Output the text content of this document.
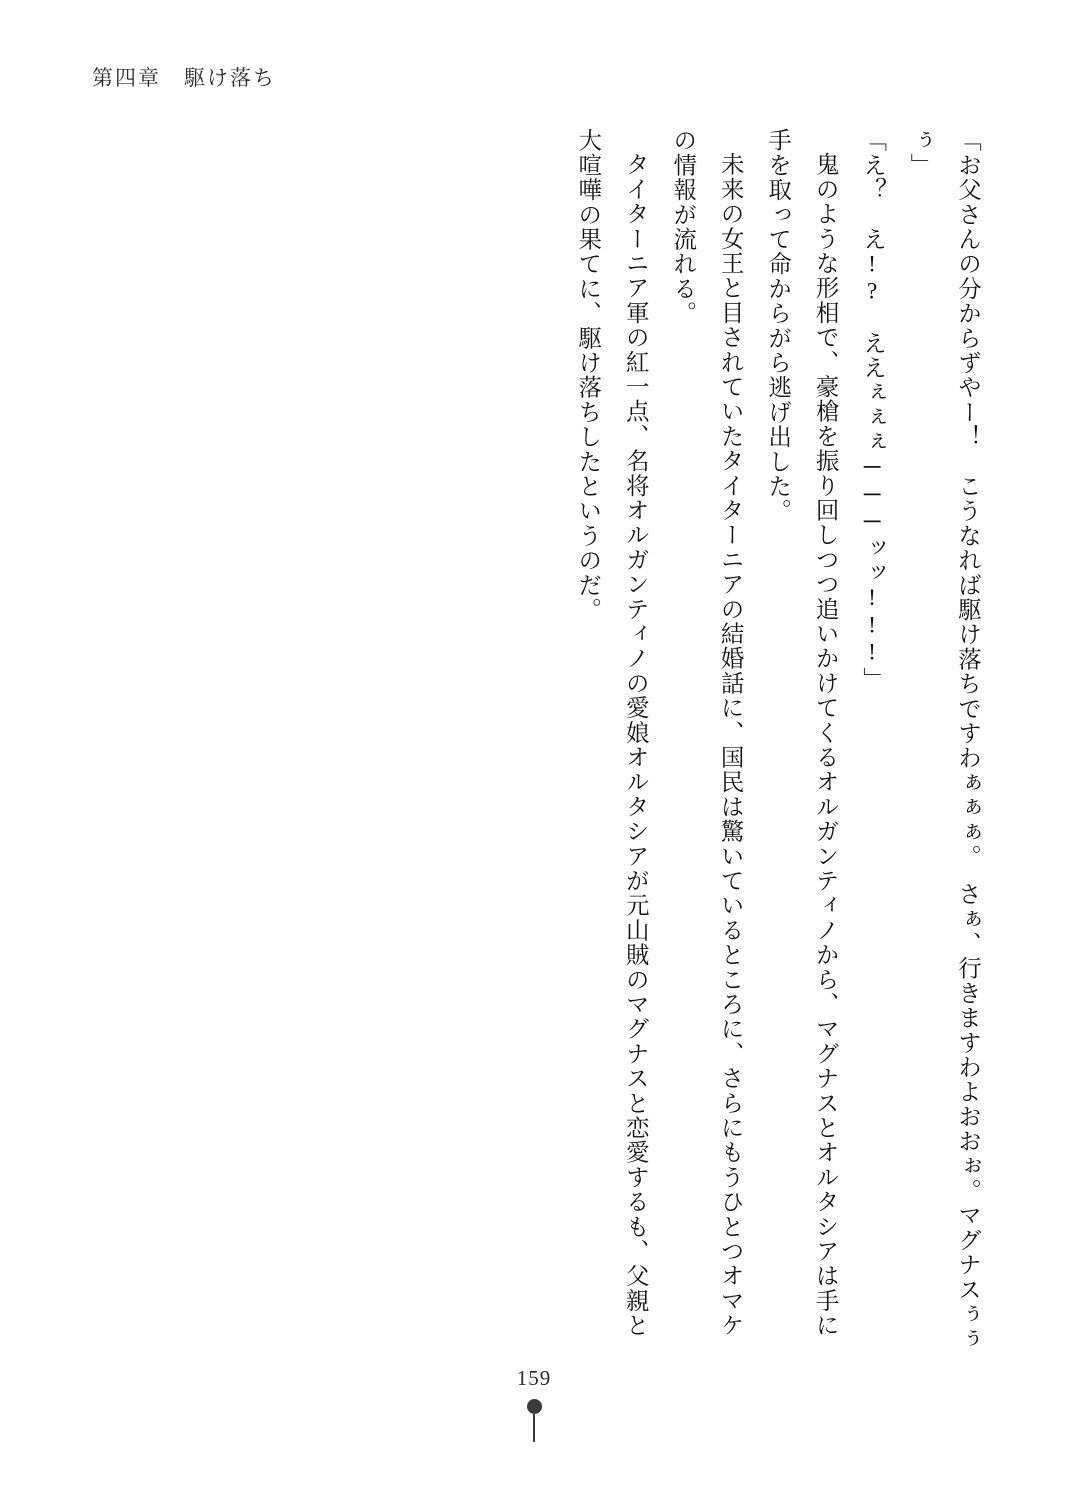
第四章　駆け落ち

「お父さんの分からずやー！　こうなれば駆け落ちですわぁぁぁ。　さぁ、行きますわよおおぉ。マグナスぅぅぅ」

「え？　え!?　ええぇぇぇ───ッッ!!!」

鬼のような形相で、豪槍を振り回しつつ追いかけてくるオルガンティノから、マグナスとオルタシアは手に手を取って命からがら逃げ出した。

未来の女王と目されていたタイターニアの結婚話に、国民は驚いているところに、さらにもうひとつオマケの情報が流れる。

タイターニア軍の紅一点、名将オルガンティノの愛娘オルタシアが元山賊のマグナスと恋愛するも、父親と大喧嘩の果てに、駆け落ちしたというのだ。

159
